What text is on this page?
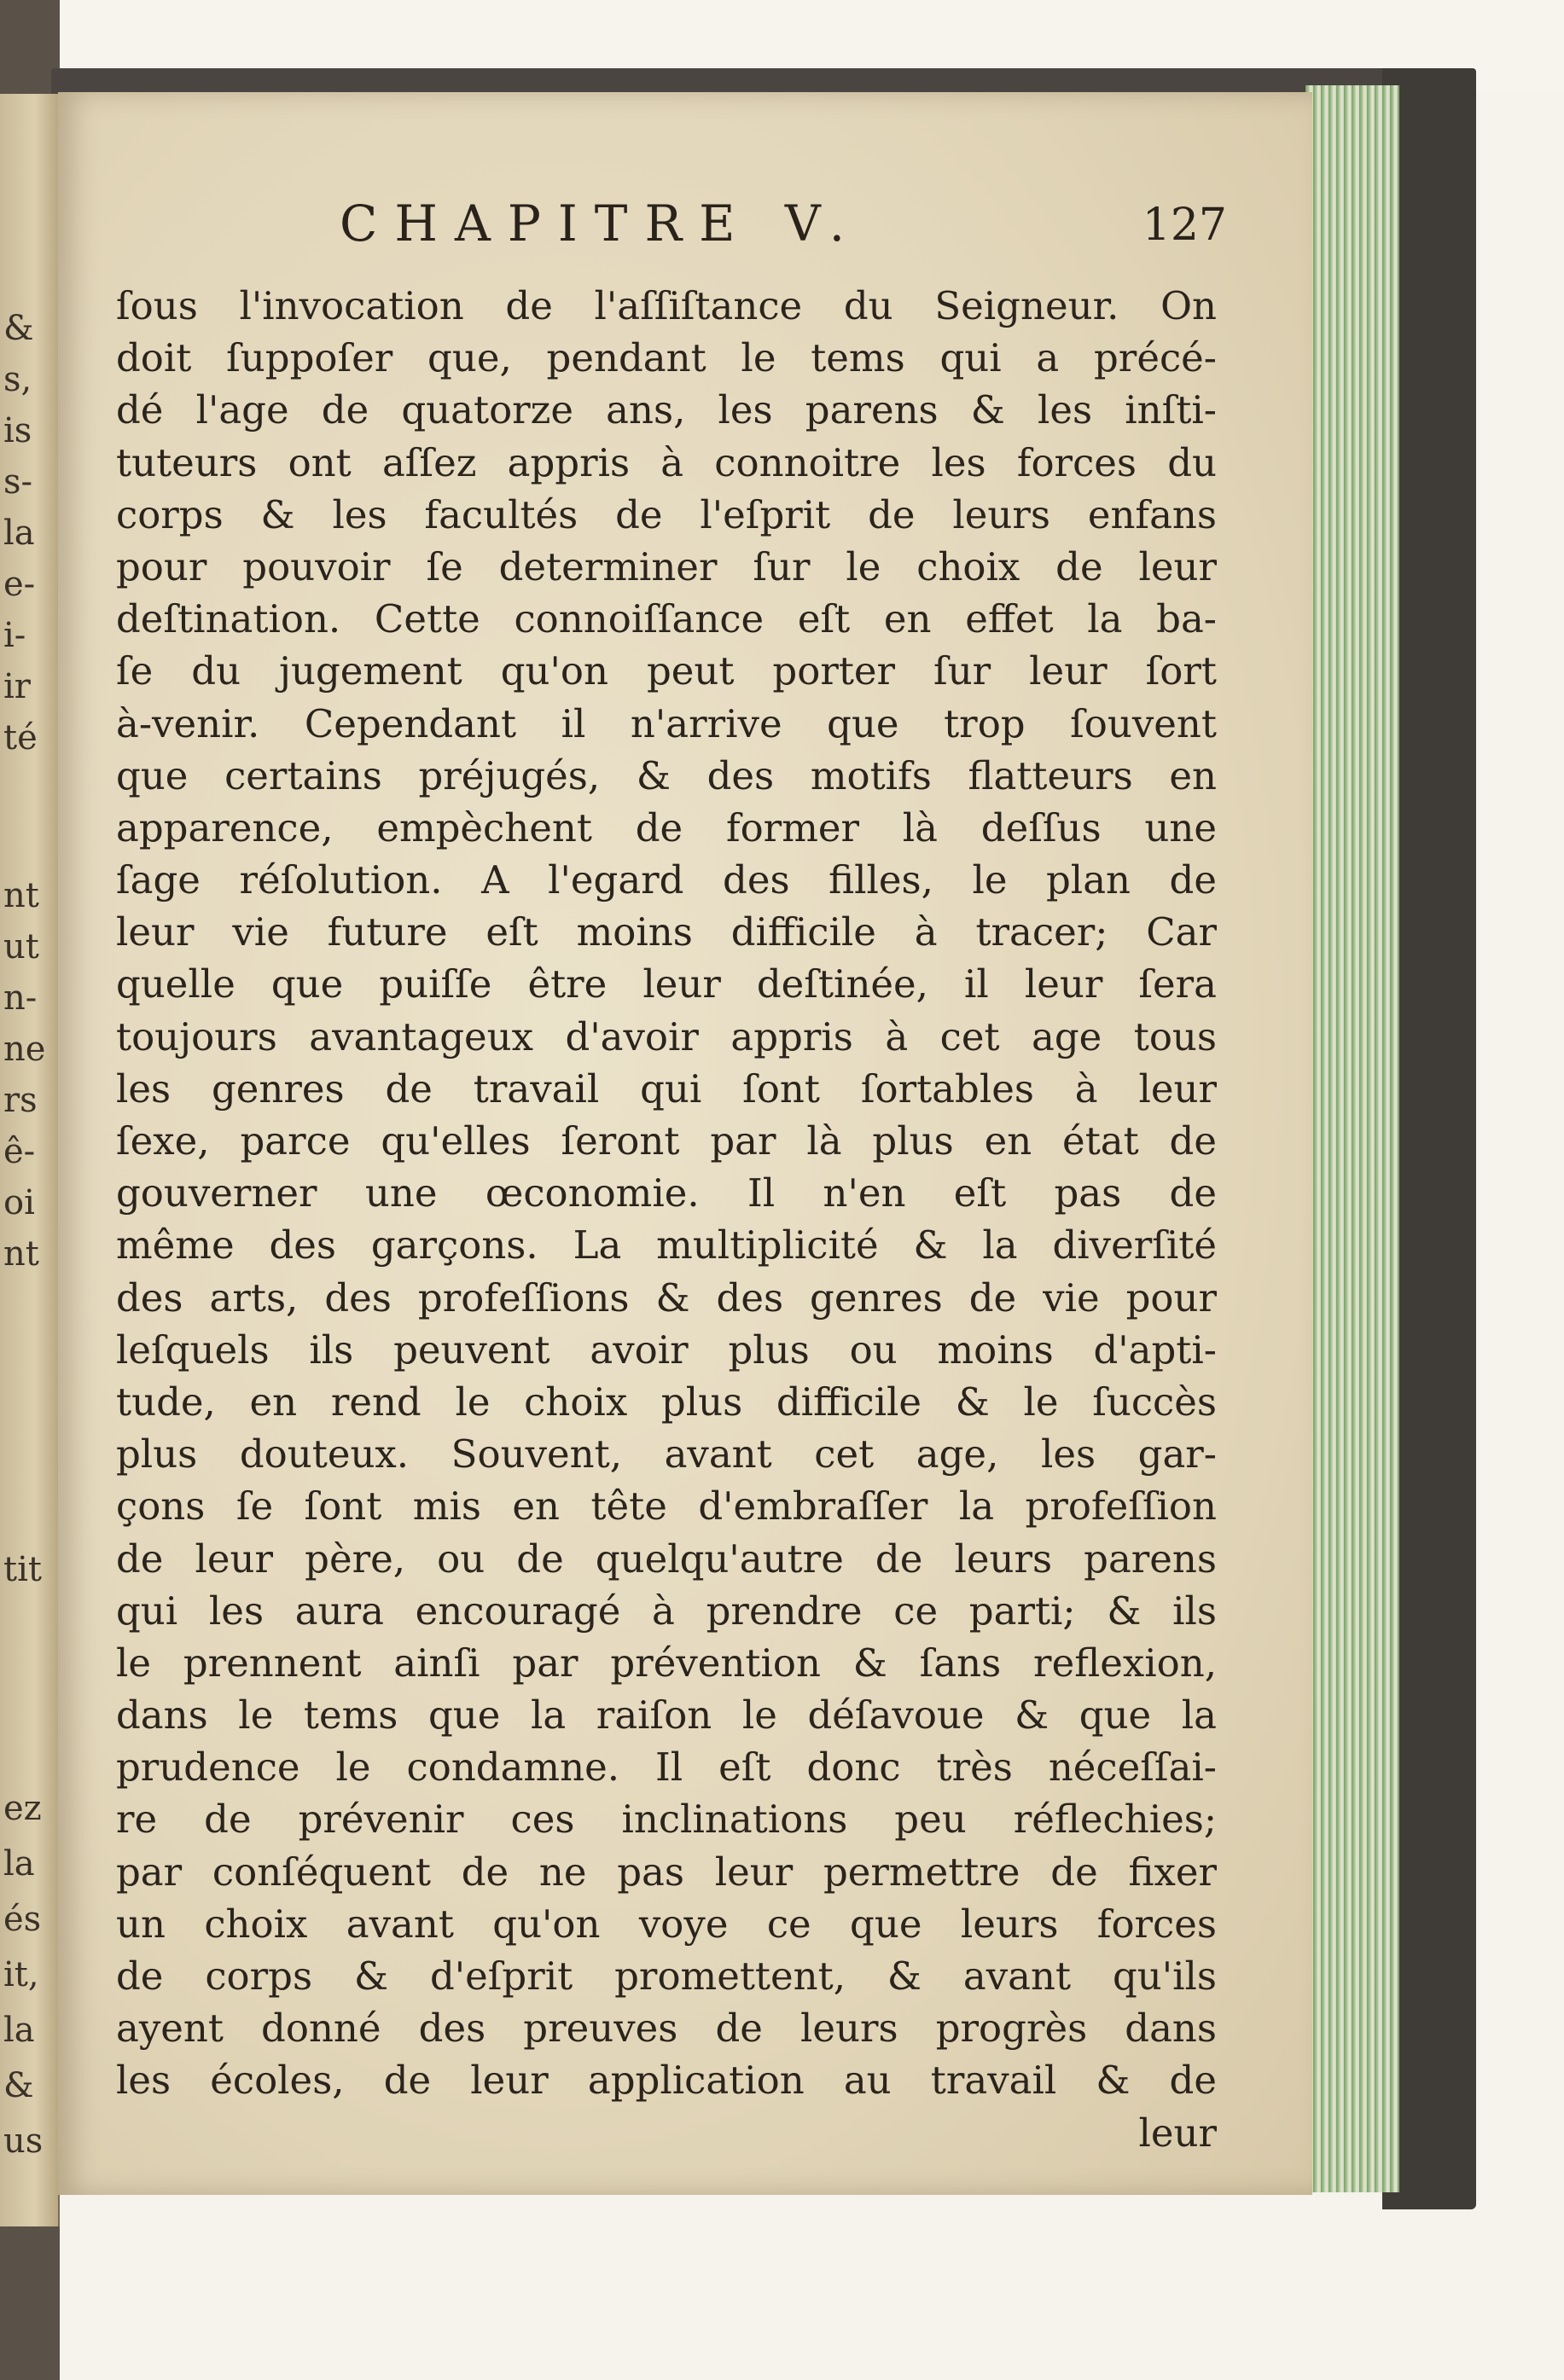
&
s,
is
s-
la
e-
i-
ir
té
nt
ut
n-
ne
rs
ê-
oi
nt
tit
ez
la
és
it,
la
&
us
CHAPITRE V.	127
ſous l'invocation de l'aſſiſtance du Seigneur. On
doit ſuppoſer que, pendant le tems qui a précé-
dé l'age de quatorze ans, les parens & les inſti-
tuteurs ont aſſez appris à connoitre les forces du
corps & les facultés de l'eſprit de leurs enfans
pour pouvoir ſe determiner ſur le choix de leur
deſtination. Cette connoiſſance eſt en effet la ba-
ſe du jugement qu'on peut porter ſur leur ſort
à-venir. Cependant il n'arrive que trop ſouvent
que certains préjugés, & des motifs flatteurs en
apparence, empèchent de former là deſſus une
ſage réſolution. A l'egard des filles, le plan de
leur vie future eſt moins difficile à tracer; Car
quelle que puiſſe être leur deſtinée, il leur ſera
toujours avantageux d'avoir appris à cet age tous
les genres de travail qui ſont ſortables à leur
ſexe, parce qu'elles ſeront par là plus en état de
gouverner une œconomie. Il n'en eſt pas de
même des garçons. La multiplicité & la diverſité
des arts, des profeſſions & des genres de vie pour
leſquels ils peuvent avoir plus ou moins d'apti-
tude, en rend le choix plus difficile & le ſuccès
plus douteux. Souvent, avant cet age, les gar-
çons ſe ſont mis en tête d'embraſſer la profeſſion
de leur père, ou de quelqu'autre de leurs parens
qui les aura encouragé à prendre ce parti; & ils
le prennent ainſi par prévention & ſans reflexion,
dans le tems que la raiſon le déſavoue & que la
prudence le condamne. Il eſt donc très néceſſai-
re de prévenir ces inclinations peu réflechies;
par conſéquent de ne pas leur permettre de fixer
un choix avant qu'on voye ce que leurs forces
de corps & d'eſprit promettent, & avant qu'ils
ayent donné des preuves de leurs progrès dans
les écoles, de leur application au travail & de
leur
